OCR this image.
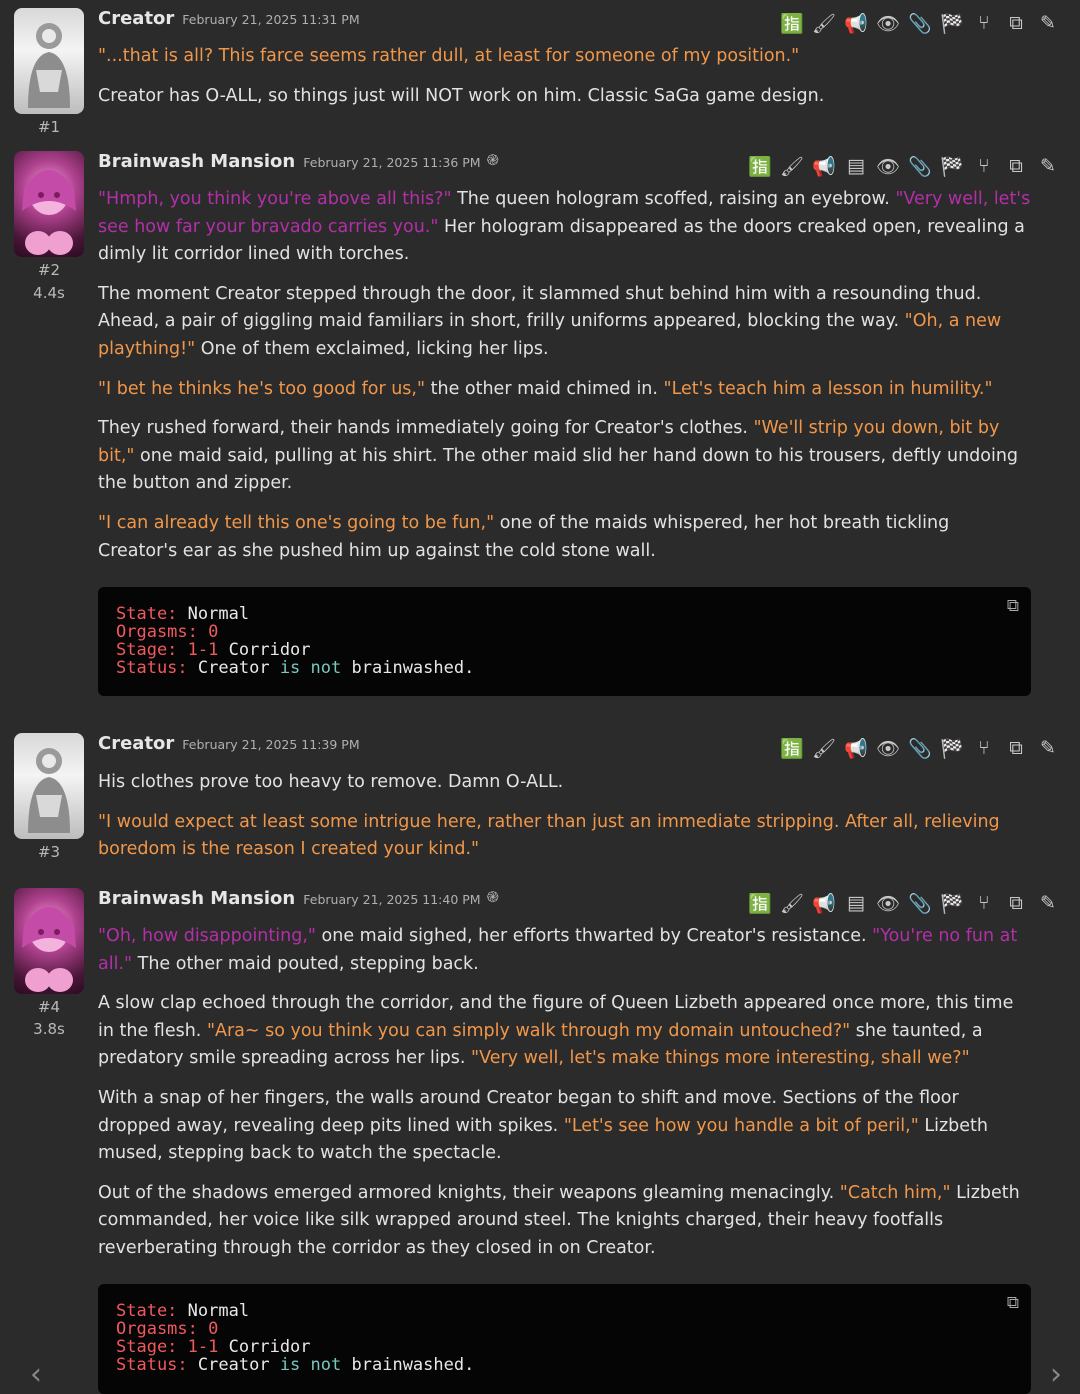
#1
Creator February 21, 2025 11:31 PM	🈯 🖌 📢 👁 📎 🏁 ⑂	⧉ ✎

"...that is all? This farce seems rather dull, at least for someone of my position."

Creator has O-ALL, so things just will NOT work on him. Classic SaGa game design.

#2
4.4s
Brainwash Mansion February 21, 2025 11:36 PM ֎	🈯 🖌 📢 ▤ 👁 📎 🏁 ⑂	⧉ ✎

"Hmph, you think you're above all this?" The queen hologram scoffed, raising an eyebrow. "Very well, let's see how far your bravado carries you." Her hologram disappeared as the doors creaked open, revealing a dimly lit corridor lined with torches.

The moment Creator stepped through the door, it slammed shut behind him with a resounding thud. Ahead, a pair of giggling maid familiars in short, frilly uniforms appeared, blocking the way. "Oh, a new plaything!" One of them exclaimed, licking her lips.

"I bet he thinks he's too good for us," the other maid chimed in. "Let's teach him a lesson in humility."

They rushed forward, their hands immediately going for Creator's clothes. "We'll strip you down, bit by bit," one maid said, pulling at his shirt. The other maid slid her hand down to his trousers, deftly undoing the button and zipper.

"I can already tell this one's going to be fun," one of the maids whispered, her hot breath tickling Creator's ear as she pushed him up against the cold stone wall.

State: Normal
Orgasms: 0
Stage: 1-1 Corridor
Status: Creator is not brainwashed.
⧉
#3
Creator February 21, 2025 11:39 PM	🈯 🖌 📢 👁 📎 🏁 ⑂	⧉ ✎

His clothes prove too heavy to remove. Damn O-ALL.

"I would expect at least some intrigue here, rather than just an immediate stripping. After all, relieving boredom is the reason I created your kind."

#4
3.8s
Brainwash Mansion February 21, 2025 11:40 PM ֎	🈯 🖌 📢 ▤ 👁 📎 🏁 ⑂	⧉ ✎

"Oh, how disappointing," one maid sighed, her efforts thwarted by Creator's resistance. "You're no fun at all." The other maid pouted, stepping back.

A slow clap echoed through the corridor, and the figure of Queen Lizbeth appeared once more, this time in the flesh. "Ara~ so you think you can simply walk through my domain untouched?" she taunted, a predatory smile spreading across her lips. "Very well, let's make things more interesting, shall we?"

With a snap of her fingers, the walls around Creator began to shift and move. Sections of the floor dropped away, revealing deep pits lined with spikes. "Let's see how you handle a bit of peril," Lizbeth mused, stepping back to watch the spectacle.

Out of the shadows emerged armored knights, their weapons gleaming menacingly. "Catch him," Lizbeth commanded, her voice like silk wrapped around steel. The knights charged, their heavy footfalls reverberating through the corridor as they closed in on Creator.

State: Normal
Orgasms: 0
Stage: 1-1 Corridor
Status: Creator is not brainwashed.
⧉
‹	›
